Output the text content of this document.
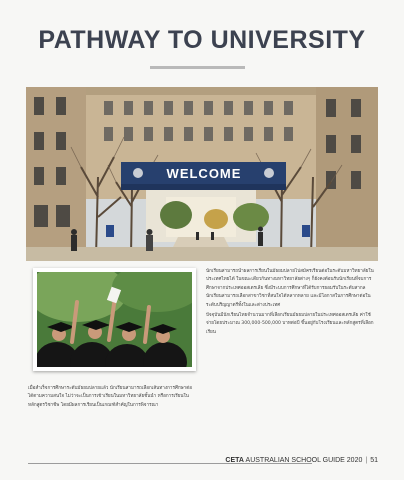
PATHWAY TO UNIVERSITY
WELCOME

นักเรียนสามารถนำผลการเรียนในมัธยมปลายไปสมัครเรียนต่อในระดับมหาวิทยาลัยในประเทศไทยได้ ในขณะเดียวกันทางมหาวิทยาลัยต่างๆ ก็ยังคงต้อนรับนักเรียนที่จบการศึกษาจากประเทศออสเตรเลีย ซึ่งมีระบบการศึกษาที่ได้รับการยอมรับในระดับสากล นักเรียนสามารถเลือกสาขาวิชาที่สนใจได้หลากหลาย และมีโอกาสในการศึกษาต่อในระดับปริญญาตรีทั้งในและต่างประเทศ

ปัจจุบันมีนักเรียนไทยจำนวนมากที่เลือกเรียนมัธยมปลายในประเทศออสเตรเลีย ค่าใช้จ่ายโดยประมาณ 300,000-500,000 บาทต่อปี ขึ้นอยู่กับโรงเรียนและหลักสูตรที่เลือกเรียน

เมื่อสำเร็จการศึกษาระดับมัธยมปลายแล้ว นักเรียนสามารถเลือกเส้นทางการศึกษาต่อได้ตามความสนใจ ไม่ว่าจะเป็นการเข้าเรียนในมหาวิทยาลัยชั้นนำ หรือการเรียนในหลักสูตรวิชาชีพ โดยมีผลการเรียนเป็นเกณฑ์สำคัญในการพิจารณา

CETA AUSTRALIAN SCHOOL GUIDE 2020 | 51
